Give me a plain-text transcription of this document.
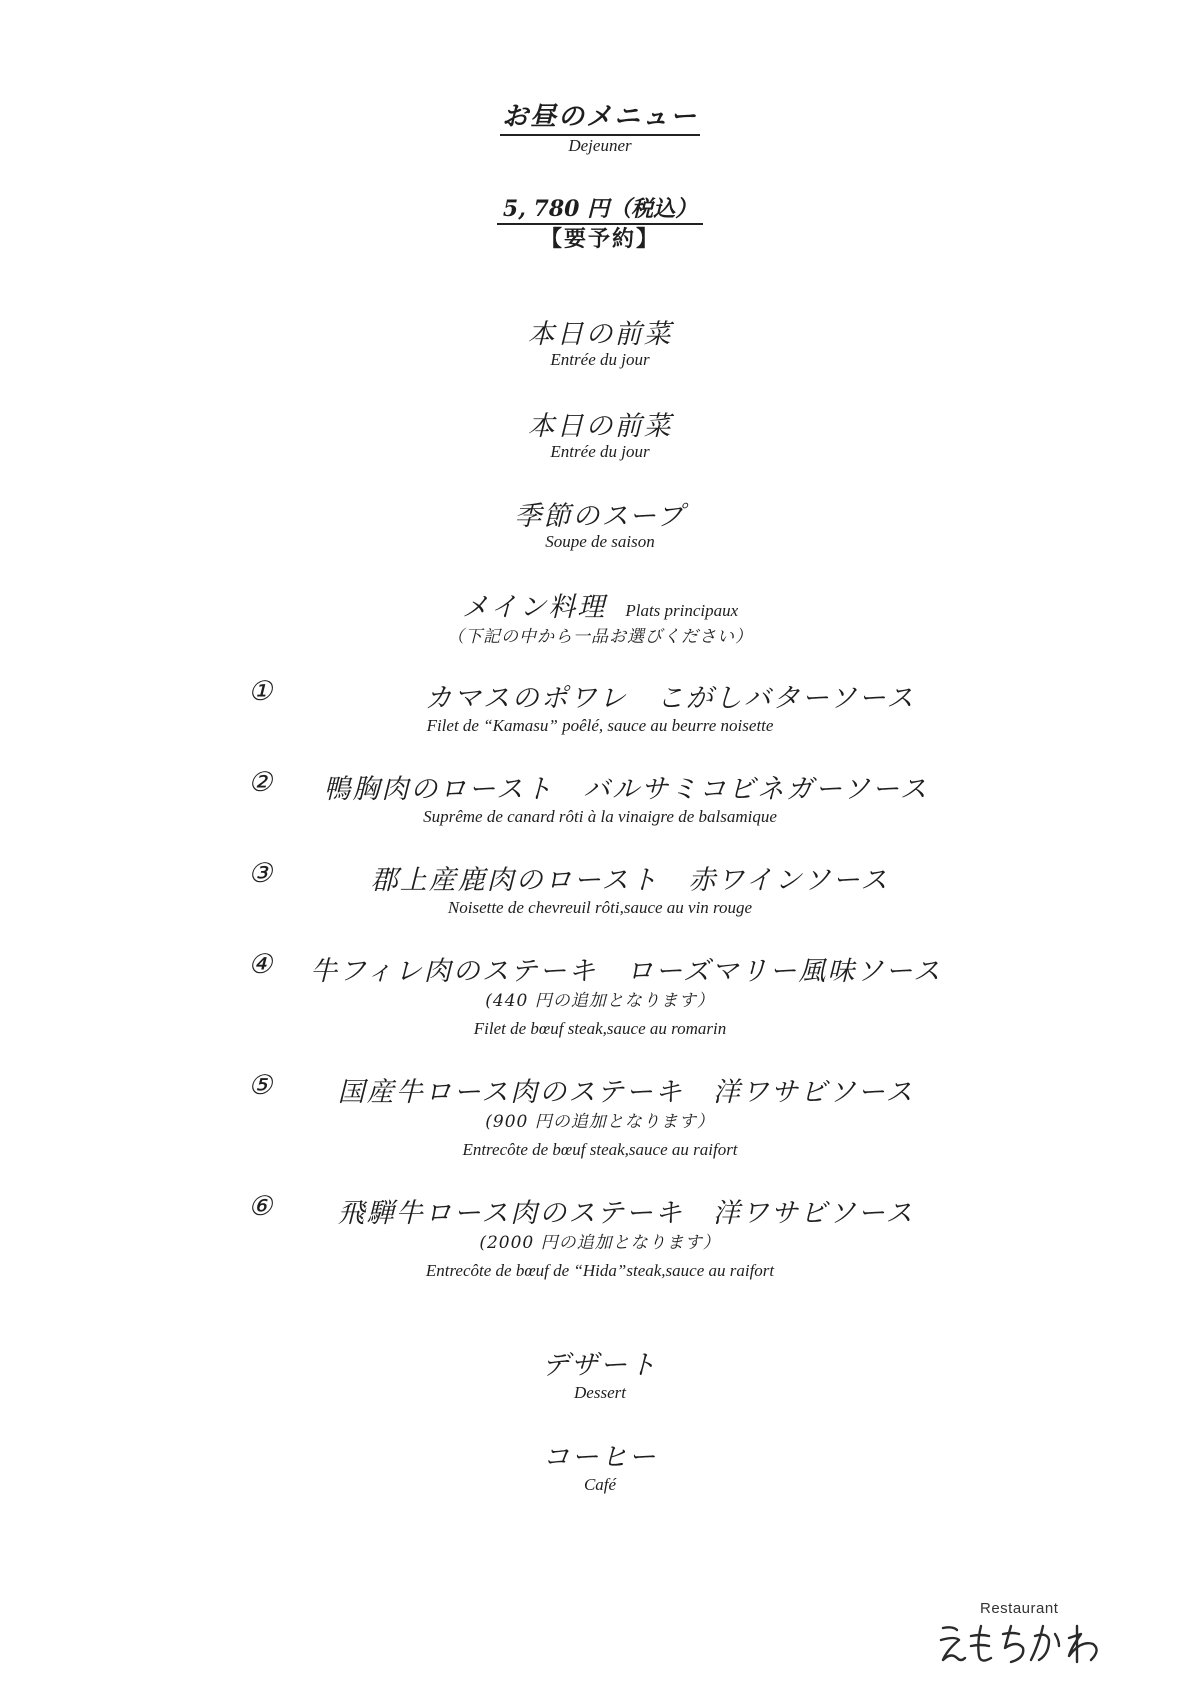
お昼のメニュー
Dejeuner
5, 780 円（税込）
【要予約】
本日の前菜
Entrée du jour
本日の前菜
Entrée du jour
季節のスープ
Soupe de saison
メイン料理 Plats principaux
（下記の中から一品お選びください）
①	カマスのポワレ　こがしバターソース
Filet de “Kamasu” poêlé, sauce au beurre noisette
②	鴨胸肉のロースト　バルサミコビネガーソース
Suprême de canard rôti à la vinaigre de balsamique
③	郡上産鹿肉のロースト　赤ワインソース
Noisette de chevreuil rôti,sauce au vin rouge
④	牛フィレ肉のステーキ　ローズマリー風味ソース
(440 円の追加となります）
Filet de bœuf steak,sauce au romarin
⑤	国産牛ロース肉のステーキ　洋ワサビソース
(900 円の追加となります）
Entrecôte de bœuf steak,sauce au raifort
⑥	飛騨牛ロース肉のステーキ　洋ワサビソース
(2000 円の追加となります）
Entrecôte de bœuf de “Hida”steak,sauce au raifort
デザート
Dessert
コーヒー
Café
Restaurant
